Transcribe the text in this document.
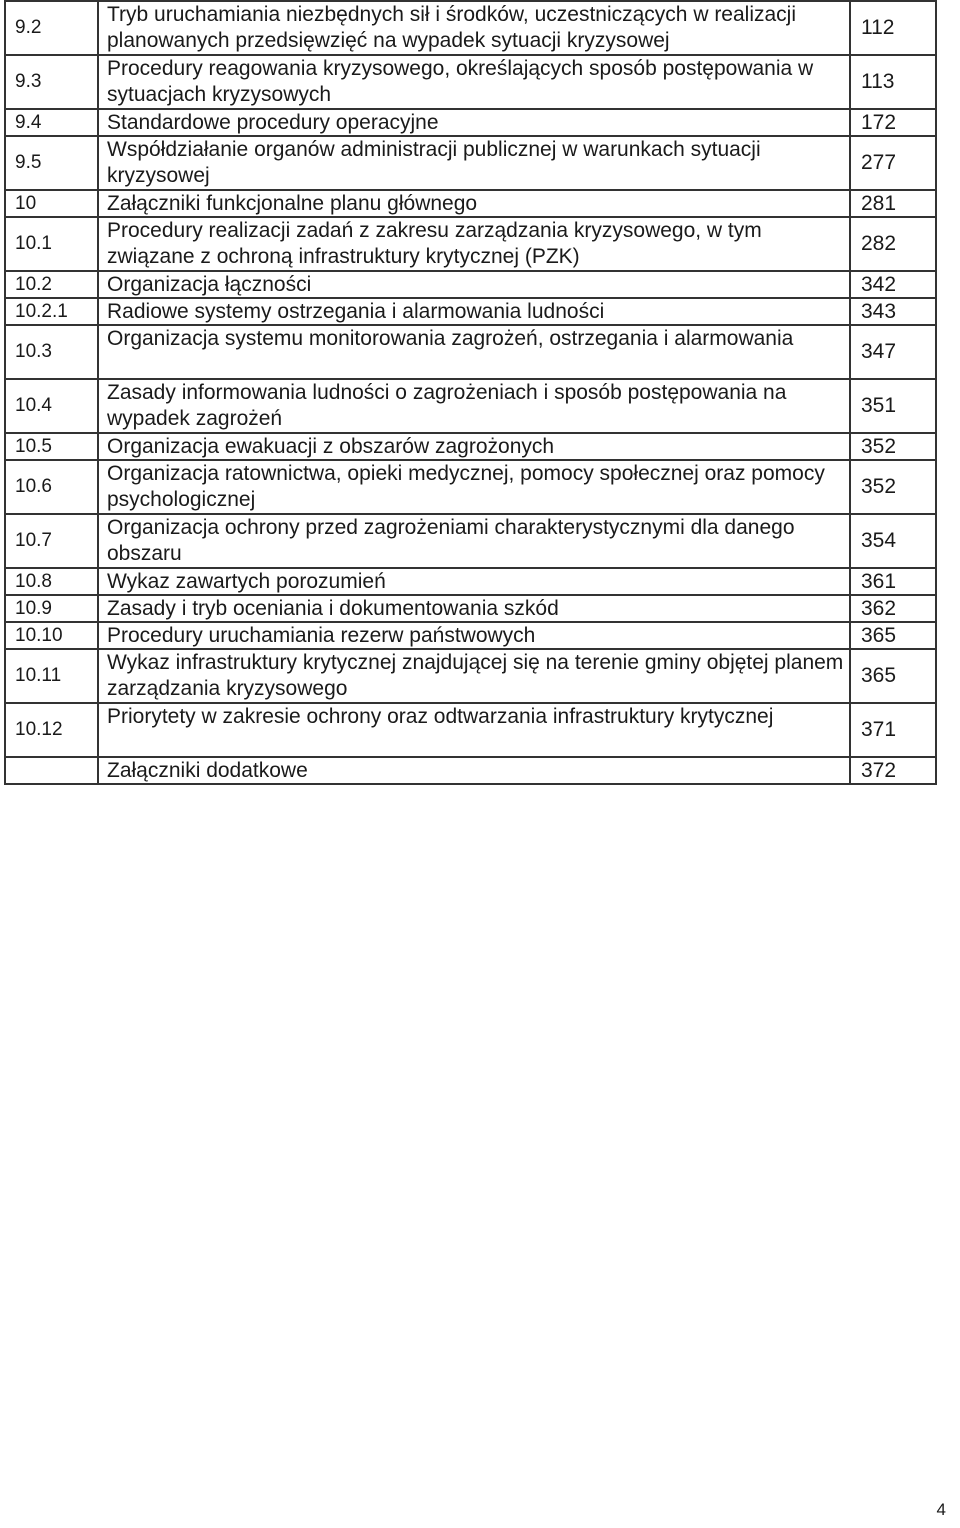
9.2	Tryb uruchamiania niezbędnych sił i środków, uczestniczących w realizacji planowanych przedsięwzięć na wypadek sytuacji kryzysowej	112
9.3	Procedury reagowania kryzysowego, określających sposób postępowania w sytuacjach kryzysowych	113
9.4	Standardowe procedury operacyjne	172
9.5	Współdziałanie organów administracji publicznej w warunkach sytuacji kryzysowej	277
10	Załączniki funkcjonalne planu głównego	281
10.1	Procedury realizacji zadań z zakresu zarządzania kryzysowego, w tym związane z ochroną infrastruktury krytycznej (PZK)	282
10.2	Organizacja łączności	342
10.2.1	Radiowe systemy ostrzegania i alarmowania ludności	343
10.3	Organizacja systemu monitorowania zagrożeń, ostrzegania i alarmowania	347
10.4	Zasady informowania ludności o zagrożeniach i sposób postępowania na wypadek zagrożeń	351
10.5	Organizacja ewakuacji z obszarów zagrożonych	352
10.6	Organizacja ratownictwa, opieki medycznej, pomocy społecznej oraz pomocy psychologicznej	352
10.7	Organizacja ochrony przed zagrożeniami charakterystycznymi dla danego obszaru	354
10.8	Wykaz zawartych porozumień	361
10.9	Zasady i tryb oceniania i dokumentowania szkód	362
10.10	Procedury uruchamiania rezerw państwowych	365
10.11	Wykaz infrastruktury krytycznej znajdującej się na terenie gminy objętej planem zarządzania kryzysowego	365
10.12	Priorytety w zakresie ochrony oraz odtwarzania infrastruktury krytycznej	371
	Załączniki dodatkowe	372
4
